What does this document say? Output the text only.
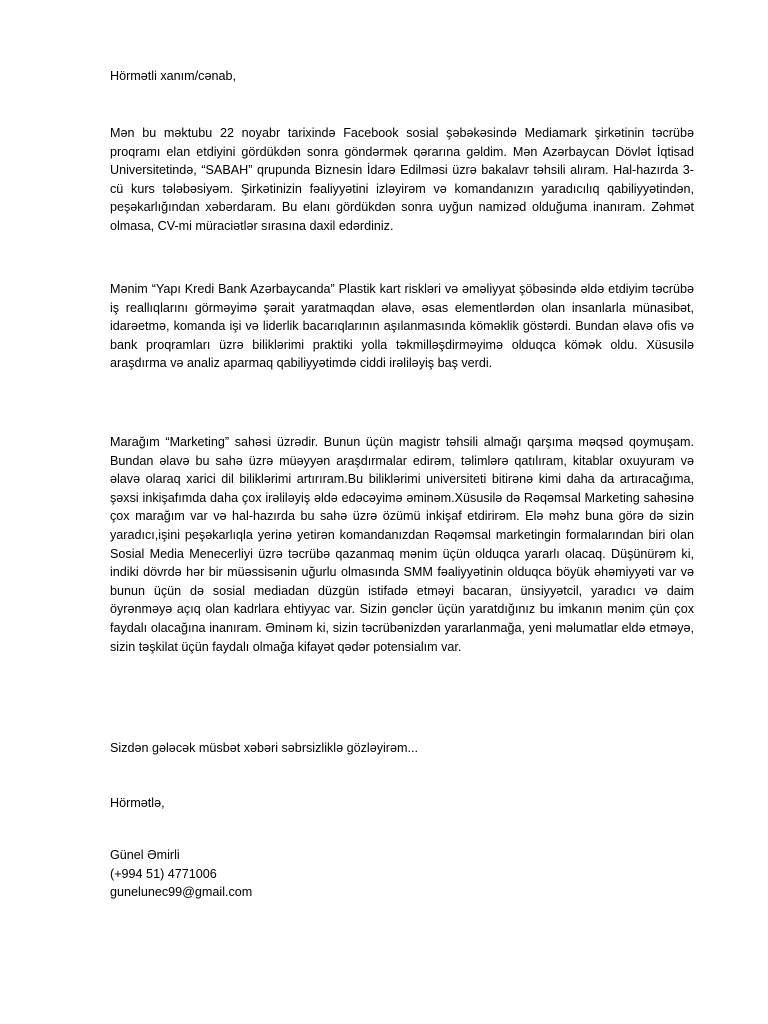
Hörmətli xanım/cənab,

Mən bu məktubu 22 noyabr tarixində Facebook sosial şəbəkəsində Mediamark şirkətinin təcrübə proqramı elan etdiyini gördükdən sonra göndərmək qərarına gəldim. Mən Azərbaycan Dövlət İqtisad Universitetində, “SABAH” qrupunda Biznesin İdarə Edilməsi üzrə bakalavr təhsili alıram. Hal-hazırda 3-cü kurs tələbəsiyəm. Şirkətinizin fəaliyyətini izləyirəm və komandanızın yaradıcılıq qabiliyyətindən, peşəkarlığından xəbərdaram. Bu elanı gördükdən sonra uyğun namizəd olduğuma inanıram. Zəhmət olmasa, CV-mi müraciətlər sırasına daxil edərdiniz.

Mənim “Yapı Kredi Bank Azərbaycanda” Plastik kart riskləri və əməliyyat şöbəsində əldə etdiyim təcrübə iş reallıqlarını görməyimə şərait yaratmaqdan əlavə, əsas elementlərdən olan insanlarla münasibət, idarəetmə, komanda işi və liderlik bacarıqlarının aşılanmasında köməklik göstərdi. Bundan əlavə ofis və bank proqramları üzrə biliklərimi praktiki yolla təkmilləşdirməyimə olduqca kömək oldu. Xüsusilə araşdırma və analiz aparmaq qabiliyyətimdə ciddi irəliləyiş baş verdi.

Marağım “Marketing” sahəsi üzrədir. Bunun üçün magistr təhsili almağı qarşıma məqsəd qoymuşam. Bundan əlavə bu sahə üzrə müəyyən araşdırmalar edirəm, təlimlərə qatılıram, kitablar oxuyuram və əlavə olaraq xarici dil biliklərimi artırıram.Bu biliklərimi universiteti bitirənə kimi daha da artıracağıma, şəxsi inkişafımda daha çox irəliləyiş əldə edəcəyimə əminəm.Xüsusilə də Rəqəmsal Marketing sahəsinə çox marağım var və hal-hazırda bu sahə üzrə özümü inkişaf etdirirəm. Elə məhz buna görə də sizin yaradıcı,işini peşəkarlıqla yerinə yetirən komandanızdan Rəqəmsal marketingin formalarından biri olan Sosial Media Menecerliyi üzrə təcrübə qazanmaq mənim üçün olduqca yararlı olacaq. Düşünürəm ki, indiki dövrdə hər bir müəssisənin uğurlu olmasında SMM fəaliyyətinin olduqca böyük əhəmiyyəti var və bunun üçün də sosial mediadan düzgün istifadə etməyi bacaran, ünsiyyətcil, yaradıcı və daim öyrənməyə açıq olan kadrlara ehtiyyac var. Sizin gənclər üçün yaratdığınız bu imkanın mənim çün çox faydalı olacağına inanıram. Əminəm ki, sizin təcrübənizdən yararlanmağa, yeni məlumatlar eldə etməyə, sizin təşkilat üçün faydalı olmağa kifayət qədər potensialım var.

Sizdən gələcək müsbət xəbəri səbrsizliklə gözləyirəm...
Hörmətlə,
Günel Əmirli
(+994 51) 4771006
gunelunec99@gmail.com
